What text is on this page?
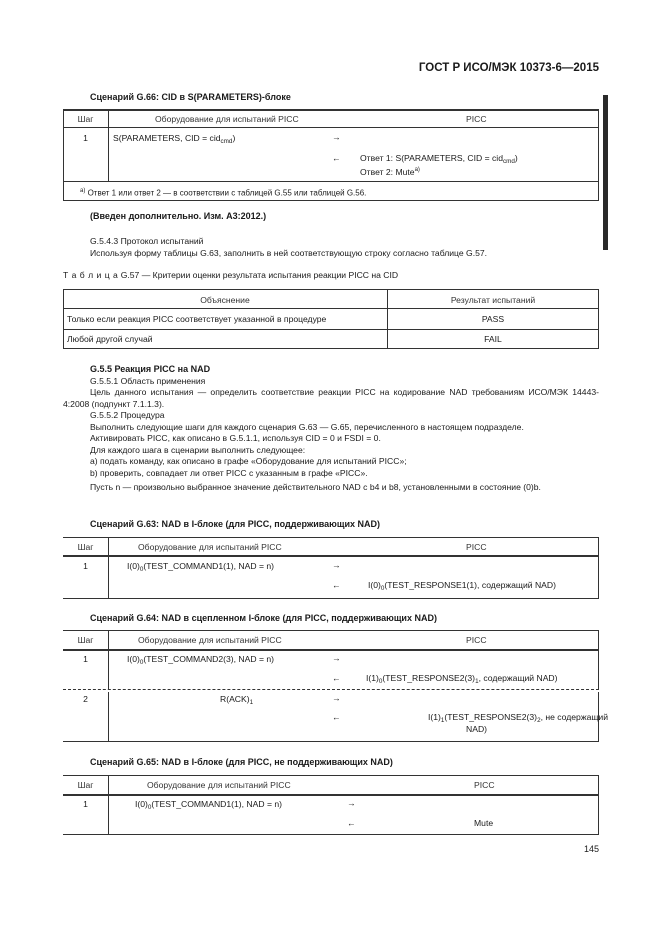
ГОСТ Р ИСО/МЭК 10373-6—2015
Сценарий G.66: CID в S(PARAMETERS)-блоке
Шаг	Оборудование для испытаний PICC	PICC
1	S(PARAMETERS, CID = cid$_{cmd}$)	→
← Ответ 1: S(PARAMETERS, CID = cid$_{cmd}$)
Ответ 2: Mute$^{a)}$
$^{a)}$ Ответ 1 или ответ 2 — в соответствии с таблицей G.55 или таблицей G.56.
(Введен дополнительно. Изм. А3:2012.)

G.5.4.3 Протокол испытаний

Используя форму таблицы G.63, заполнить в ней соответствующую строку согласно таблице G.57.

Т а б л и ц а G.57 — Критерии оценки результата испытания реакции PICC на CID
Объяснение	Результат испытаний
Только если реакция PICC соответствует указанной в процедуре	PASS
Любой другой случай	FAIL

G.5.5 Реакция PICC на NAD

G.5.5.1 Область применения

Цель данного испытания — определить соответствие реакции PICC на кодирование NAD требованиям ИСО/МЭК 14443-4:2008 (подпункт 7.1.1.3).

G.5.5.2 Процедура

Выполнить следующие шаги для каждого сценария G.63 — G.65, перечисленного в настоящем подразделе.

Активировать PICC, как описано в G.5.1.1, используя CID = 0 и FSDI = 0.

Для каждого шага в сценарии выполнить следующее:

а) подать команду, как описано в графе «Оборудование для испытаний PICC»;

b) проверить, совпадает ли ответ PICC с указанным в графе «PICC».

Пусть n — произвольно выбранное значение действительного NAD с b4 и b8, установленными в состояние (0)b.
Сценарий G.63: NAD в I-блоке (для PICC, поддерживающих NAD)
Шаг	Оборудование для испытаний PICC	PICC
1	$I(0)_0(TEST\_COMMAND1(1)$, NAD = n)	→
←	$I(0)_0(TEST\_RESPONSE1(1)$, содержащий NAD)
Сценарий G.64: NAD в сцепленном I-блоке (для PICC, поддерживающих NAD)
Шаг	Оборудование для испытаний PICC	PICC
1	$I(0)_0(TEST\_COMMAND2(3)$, NAD = n)	→
←	$I(1)_0(TEST\_RESPONSE2(3)_1$, содержащий NAD)
2	$R(ACK)_1$	→
←	$I(1)_1(TEST\_RESPONSE2(3)_2$, не содержащий
NAD)
Сценарий G.65: NAD в I-блоке (для PICC, не поддерживающих NAD)
Шаг	Оборудование для испытаний PICC	PICC
1	$I(0)_0(TEST\_COMMAND1(1)$, NAD = n)	→
←	Mute
145
